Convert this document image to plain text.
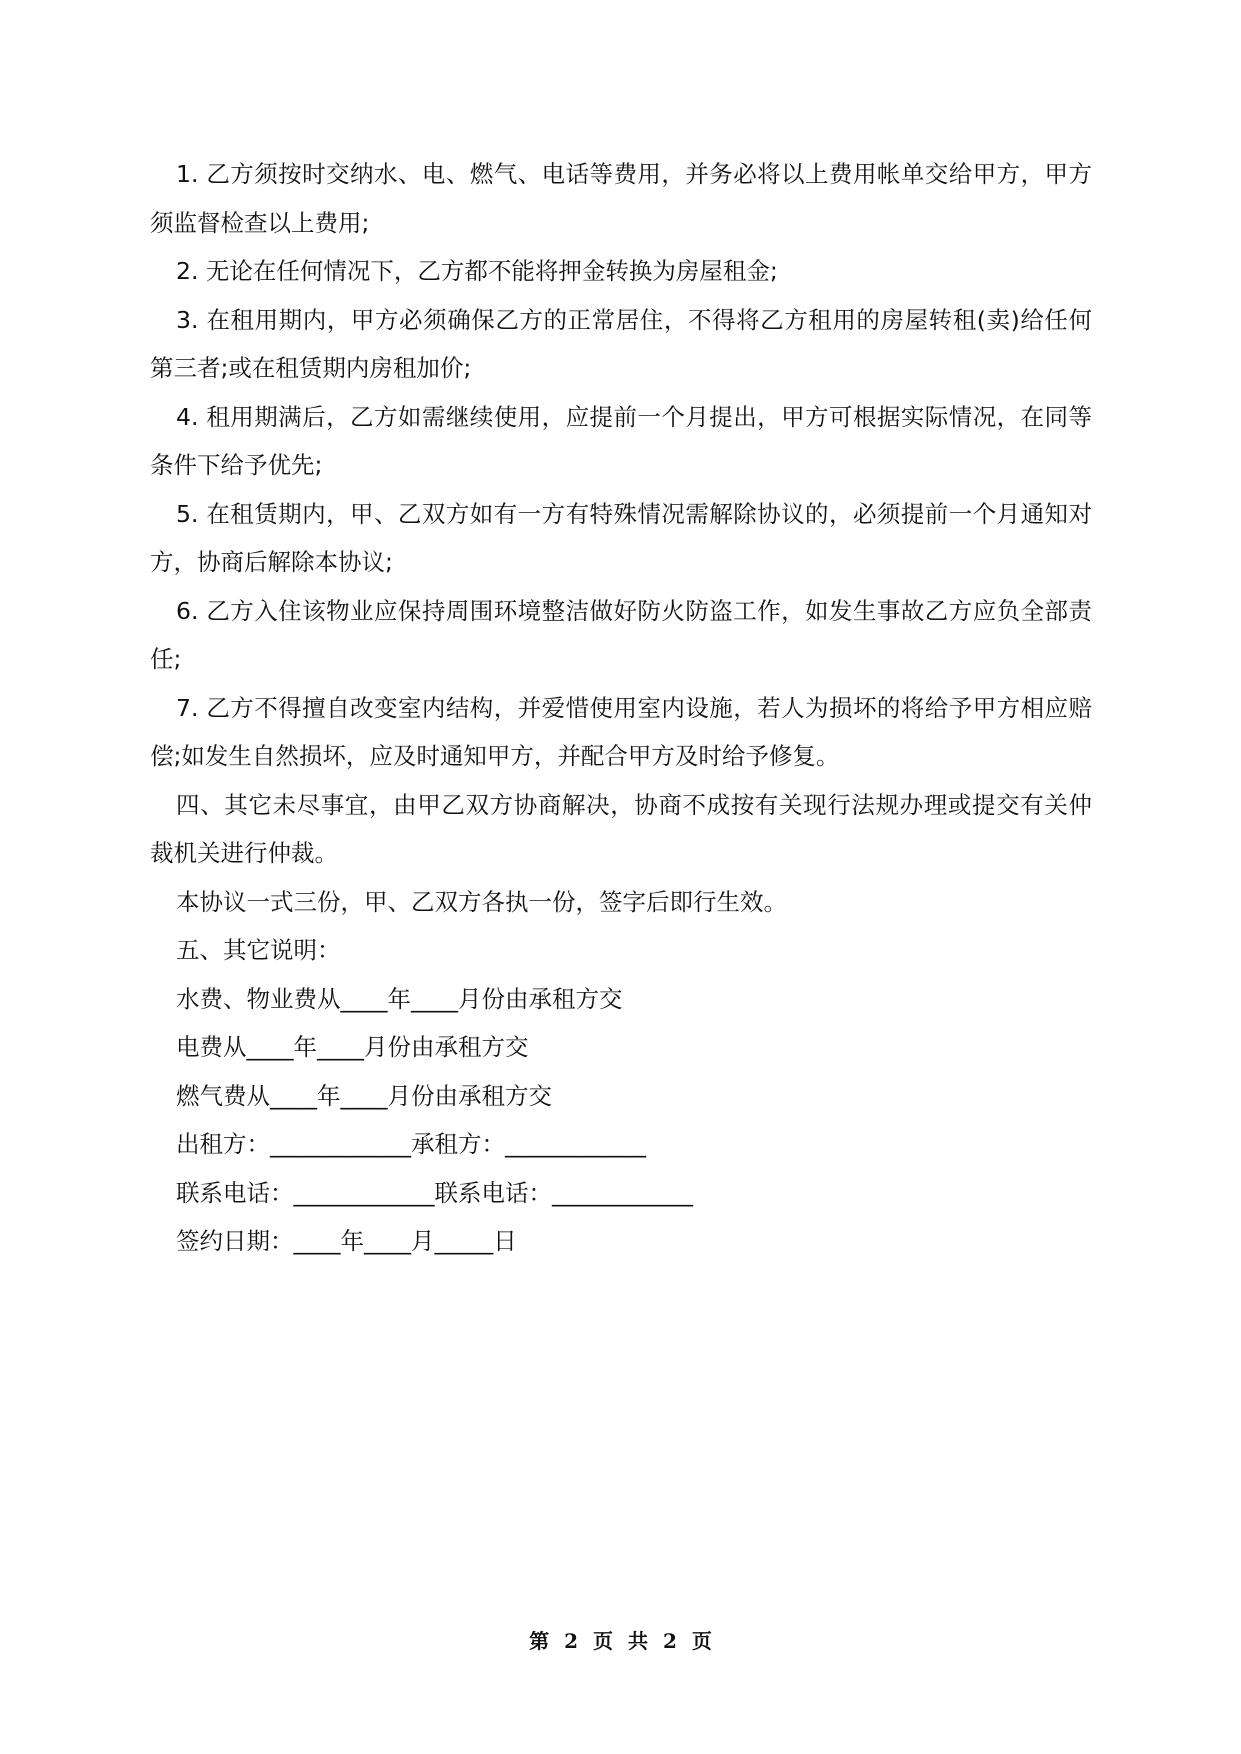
1. 乙方须按时交纳水、电、燃气、电话等费用，并务必将以上费用帐单交给甲方，甲方须监督检查以上费用;

2. 无论在任何情况下，乙方都不能将押金转换为房屋租金;

3. 在租用期内，甲方必须确保乙方的正常居住，不得将乙方租用的房屋转租(卖)给任何第三者;或在租赁期内房租加价;

4. 租用期满后，乙方如需继续使用，应提前一个月提出，甲方可根据实际情况，在同等条件下给予优先;

5. 在租赁期内，甲、乙双方如有一方有特殊情况需解除协议的，必须提前一个月通知对方，协商后解除本协议;

6. 乙方入住该物业应保持周围环境整洁做好防火防盗工作，如发生事故乙方应负全部责任;

7. 乙方不得擅自改变室内结构，并爱惜使用室内设施，若人为损坏的将给予甲方相应赔偿;如发生自然损坏，应及时通知甲方，并配合甲方及时给予修复。

四、其它未尽事宜，由甲乙双方协商解决，协商不成按有关现行法规办理或提交有关仲裁机关进行仲裁。

本协议一式三份，甲、乙双方各执一份，签字后即行生效。

五、其它说明：

水费、物业费从____年____月份由承租方交

电费从____年____月份由承租方交

燃气费从____年____月份由承租方交

出租方：____________承租方：____________

联系电话：____________联系电话：____________

签约日期：____年____月_____日

第 2 页 共 2 页
